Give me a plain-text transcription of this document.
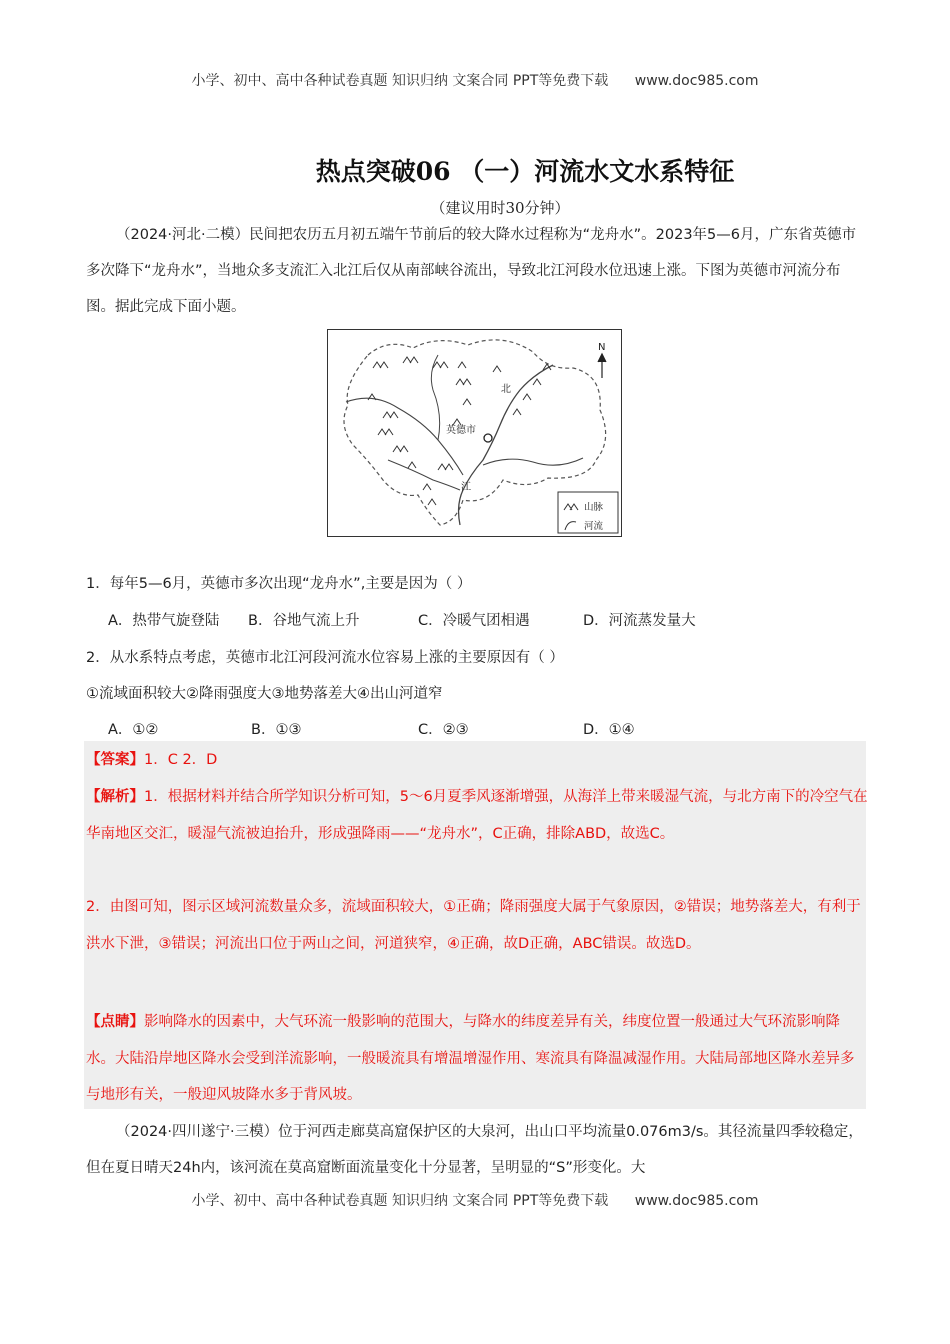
小学、初中、高中各种试卷真题 知识归纳 文案合同 PPT等免费下载 www.doc985.com
热点突破06 （一）河流水文水系特征
（建议用时30分钟）
（2024·河北·二模）民间把农历五月初五端午节前后的较大降水过程称为“龙舟水”。2023年5—6月，广东省英德市多次降下“龙舟水”，当地众多支流汇入北江后仅从南部峡谷流出，导致北江河段水位迅速上涨。下图为英德市河流分布图。据此完成下面小题。
英德市
北
江
N
山脉
河流
1．每年5—6月，英德市多次出现“龙舟水”,主要是因为（ ）
A．热带气旋登陆 B．谷地气流上升	C．冷暖气团相遇	D．河流蒸发量大
2．从水系特点考虑，英德市北江河段河流水位容易上涨的主要原因有（ ）
①流域面积较大②降雨强度大③地势落差大④出山河道窄
A．①②	B．①③	C．②③	D．①④
【答案】1．C 2．D
【解析】1．根据材料并结合所学知识分析可知，5～6月夏季风逐渐增强，从海洋上带来暖湿气流，与北方南下的冷空气在华南地区交汇，暖湿气流被迫抬升，形成强降雨——“龙舟水”，C正确，排除ABD，故选C。
2．由图可知，图示区域河流数量众多，流域面积较大，①正确；降雨强度大属于气象原因，②错误；地势落差大，有利于洪水下泄，③错误；河流出口位于两山之间，河道狭窄，④正确，故D正确，ABC错误。故选D。
【点睛】影响降水的因素中，大气环流一般影响的范围大，与降水的纬度差异有关，纬度位置一般通过大气环流影响降水。大陆沿岸地区降水会受到洋流影响，一般暖流具有增温增湿作用、寒流具有降温减湿作用。大陆局部地区降水差异多与地形有关，一般迎风坡降水多于背风坡。
（2024·四川遂宁·三模）位于河西走廊莫高窟保护区的大泉河，出山口平均流量0.076m3/s。其径流量四季较稳定，但在夏日晴天24h内，该河流在莫高窟断面流量变化十分显著，呈明显的“S”形变化。大
小学、初中、高中各种试卷真题 知识归纳 文案合同 PPT等免费下载 www.doc985.com
